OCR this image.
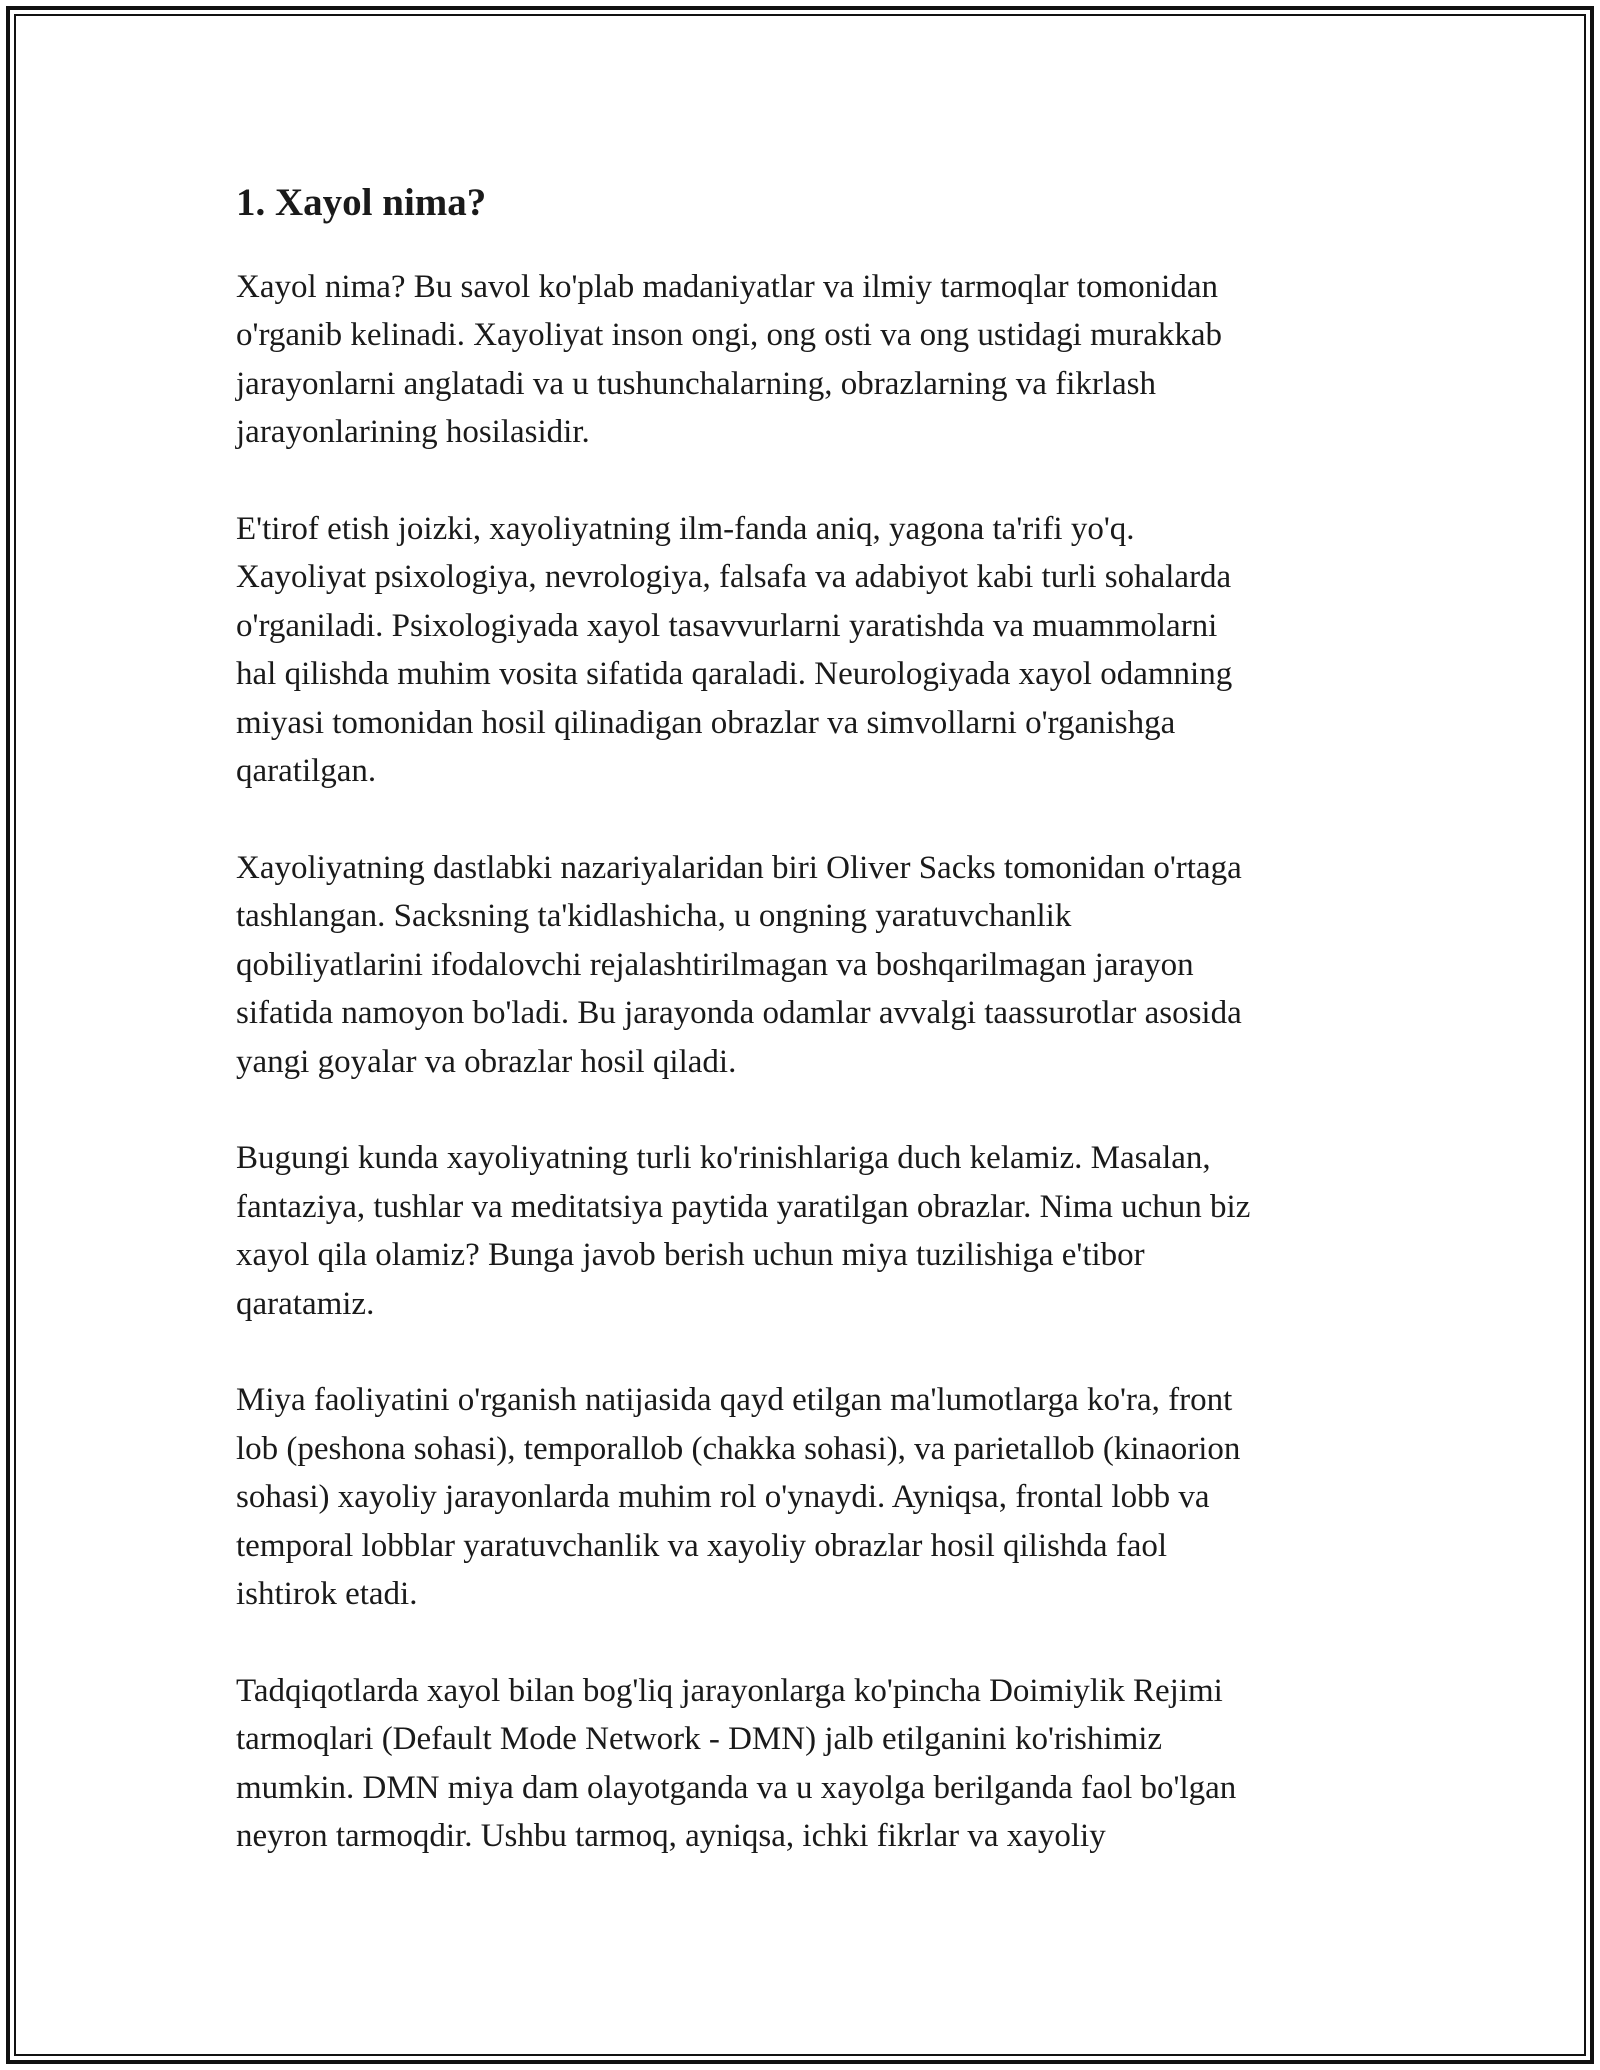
1. Xayol nima?

Xayol nima? Bu savol ko'plab madaniyatlar va ilmiy tarmoqlar tomonidan
o'rganib kelinadi. Xayoliyat inson ongi, ong osti va ong ustidagi murakkab
jarayonlarni anglatadi va u tushunchalarning, obrazlarning va fikrlash
jarayonlarining hosilasidir.

E'tirof etish joizki, xayoliyatning ilm-fanda aniq, yagona ta'rifi yo'q.
Xayoliyat psixologiya, nevrologiya, falsafa va adabiyot kabi turli sohalarda
o'rganiladi. Psixologiyada xayol tasavvurlarni yaratishda va muammolarni
hal qilishda muhim vosita sifatida qaraladi. Neurologiyada xayol odamning
miyasi tomonidan hosil qilinadigan obrazlar va simvollarni o'rganishga
qaratilgan.

Xayoliyatning dastlabki nazariyalaridan biri Oliver Sacks tomonidan o'rtaga
tashlangan. Sacksning ta'kidlashicha, u ongning yaratuvchanlik
qobiliyatlarini ifodalovchi rejalashtirilmagan va boshqarilmagan jarayon
sifatida namoyon bo'ladi. Bu jarayonda odamlar avvalgi taassurotlar asosida
yangi goyalar va obrazlar hosil qiladi.

Bugungi kunda xayoliyatning turli ko'rinishlariga duch kelamiz. Masalan,
fantaziya, tushlar va meditatsiya paytida yaratilgan obrazlar. Nima uchun biz
xayol qila olamiz? Bunga javob berish uchun miya tuzilishiga e'tibor
qaratamiz.

Miya faoliyatini o'rganish natijasida qayd etilgan ma'lumotlarga ko'ra, front
lob (peshona sohasi), temporallob (chakka sohasi), va parietallob (kinaorion
sohasi) xayoliy jarayonlarda muhim rol o'ynaydi. Ayniqsa, frontal lobb va
temporal lobblar yaratuvchanlik va xayoliy obrazlar hosil qilishda faol
ishtirok etadi.

Tadqiqotlarda xayol bilan bog'liq jarayonlarga ko'pincha Doimiylik Rejimi
tarmoqlari (Default Mode Network - DMN) jalb etilganini ko'rishimiz
mumkin. DMN miya dam olayotganda va u xayolga berilganda faol bo'lgan
neyron tarmoqdir. Ushbu tarmoq, ayniqsa, ichki fikrlar va xayoliy
